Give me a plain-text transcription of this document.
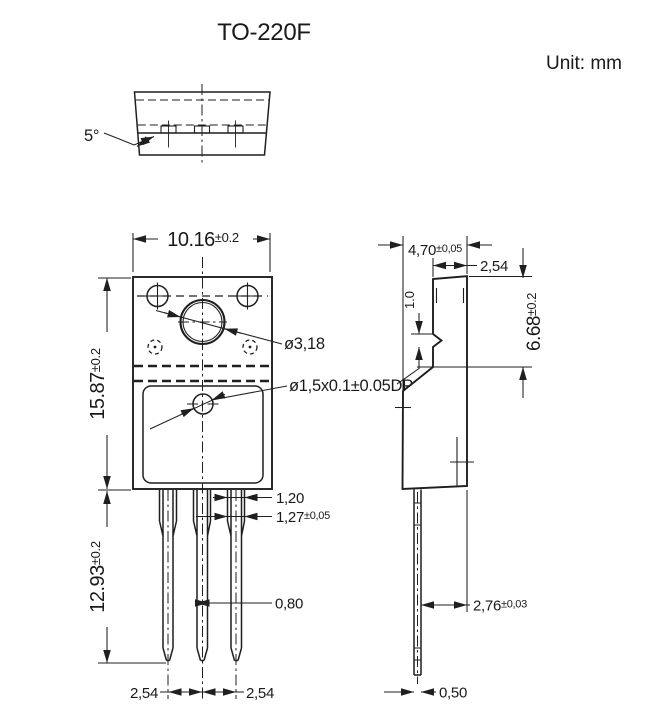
TO-220F
Unit: mm
5°
$10.16^{\pm 0.2}$
$15.87^{\pm 0.2}$
$12.93^{\pm 0.2}$
ø3,18
ø1,5x0.1±0.05DP
1,20
1,27±0,05
0,80
2,54	2,54
4,70±0,05
2,54
$6.68^{\pm 0.2}$
1.0
2,76±0,03
0,50
